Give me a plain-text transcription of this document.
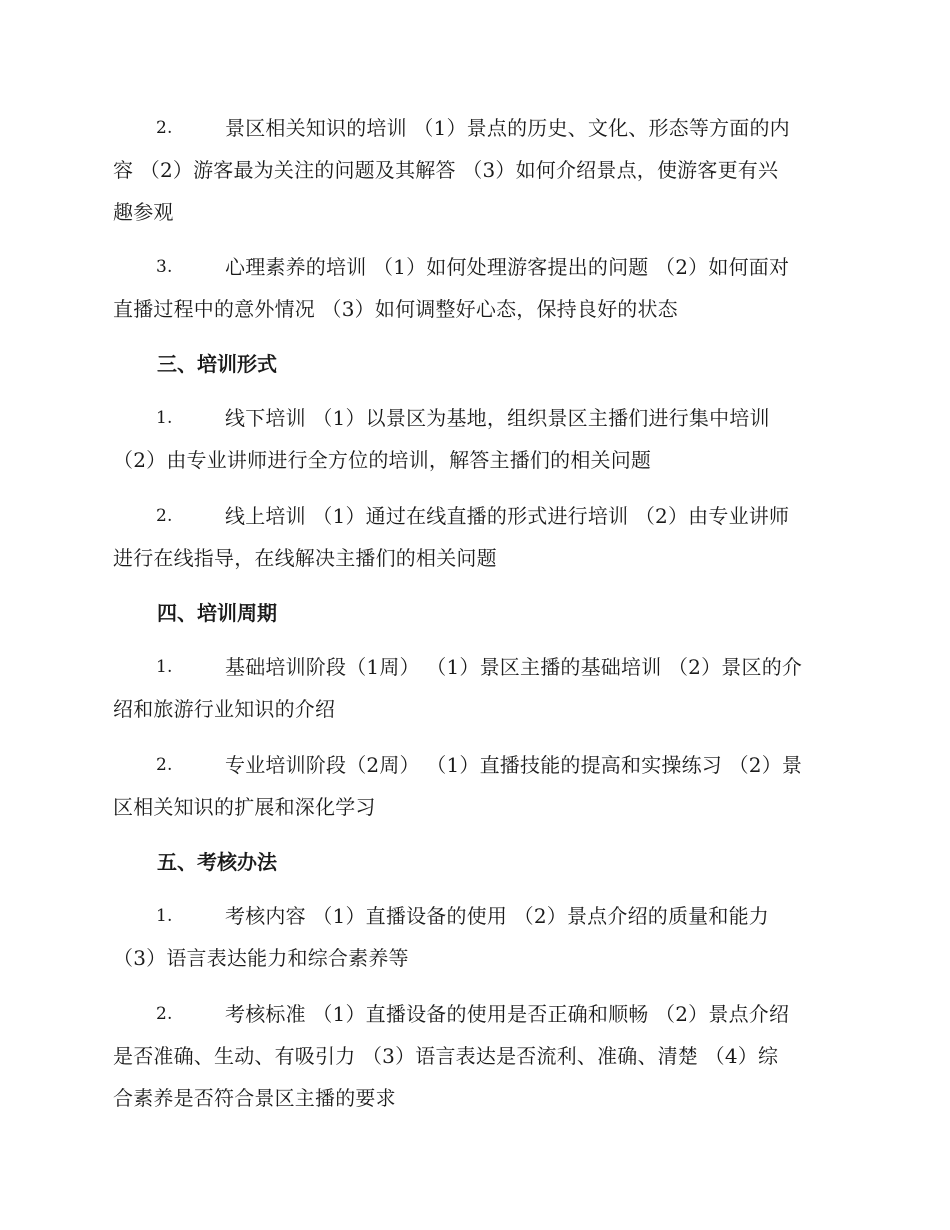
2.	景区相关知识的培训 （1）景点的历史、文化、形态等方面的内
容 （2）游客最为关注的问题及其解答 （3）如何介绍景点，使游客更有兴
趣参观
3.	心理素养的培训 （1）如何处理游客提出的问题 （2）如何面对
直播过程中的意外情况 （3）如何调整好心态，保持良好的状态
三、培训形式
1.	线下培训 （1）以景区为基地，组织景区主播们进行集中培训
（2）由专业讲师进行全方位的培训，解答主播们的相关问题
2.	线上培训 （1）通过在线直播的形式进行培训 （2）由专业讲师
进行在线指导，在线解决主播们的相关问题
四、培训周期
1.	基础培训阶段（1周） （1）景区主播的基础培训 （2）景区的介
绍和旅游行业知识的介绍
2.	专业培训阶段（2周） （1）直播技能的提高和实操练习 （2）景
区相关知识的扩展和深化学习
五、考核办法
1.	考核内容 （1）直播设备的使用 （2）景点介绍的质量和能力
（3）语言表达能力和综合素养等
2.	考核标准 （1）直播设备的使用是否正确和顺畅 （2）景点介绍
是否准确、生动、有吸引力 （3）语言表达是否流利、准确、清楚 （4）综
合素养是否符合景区主播的要求
